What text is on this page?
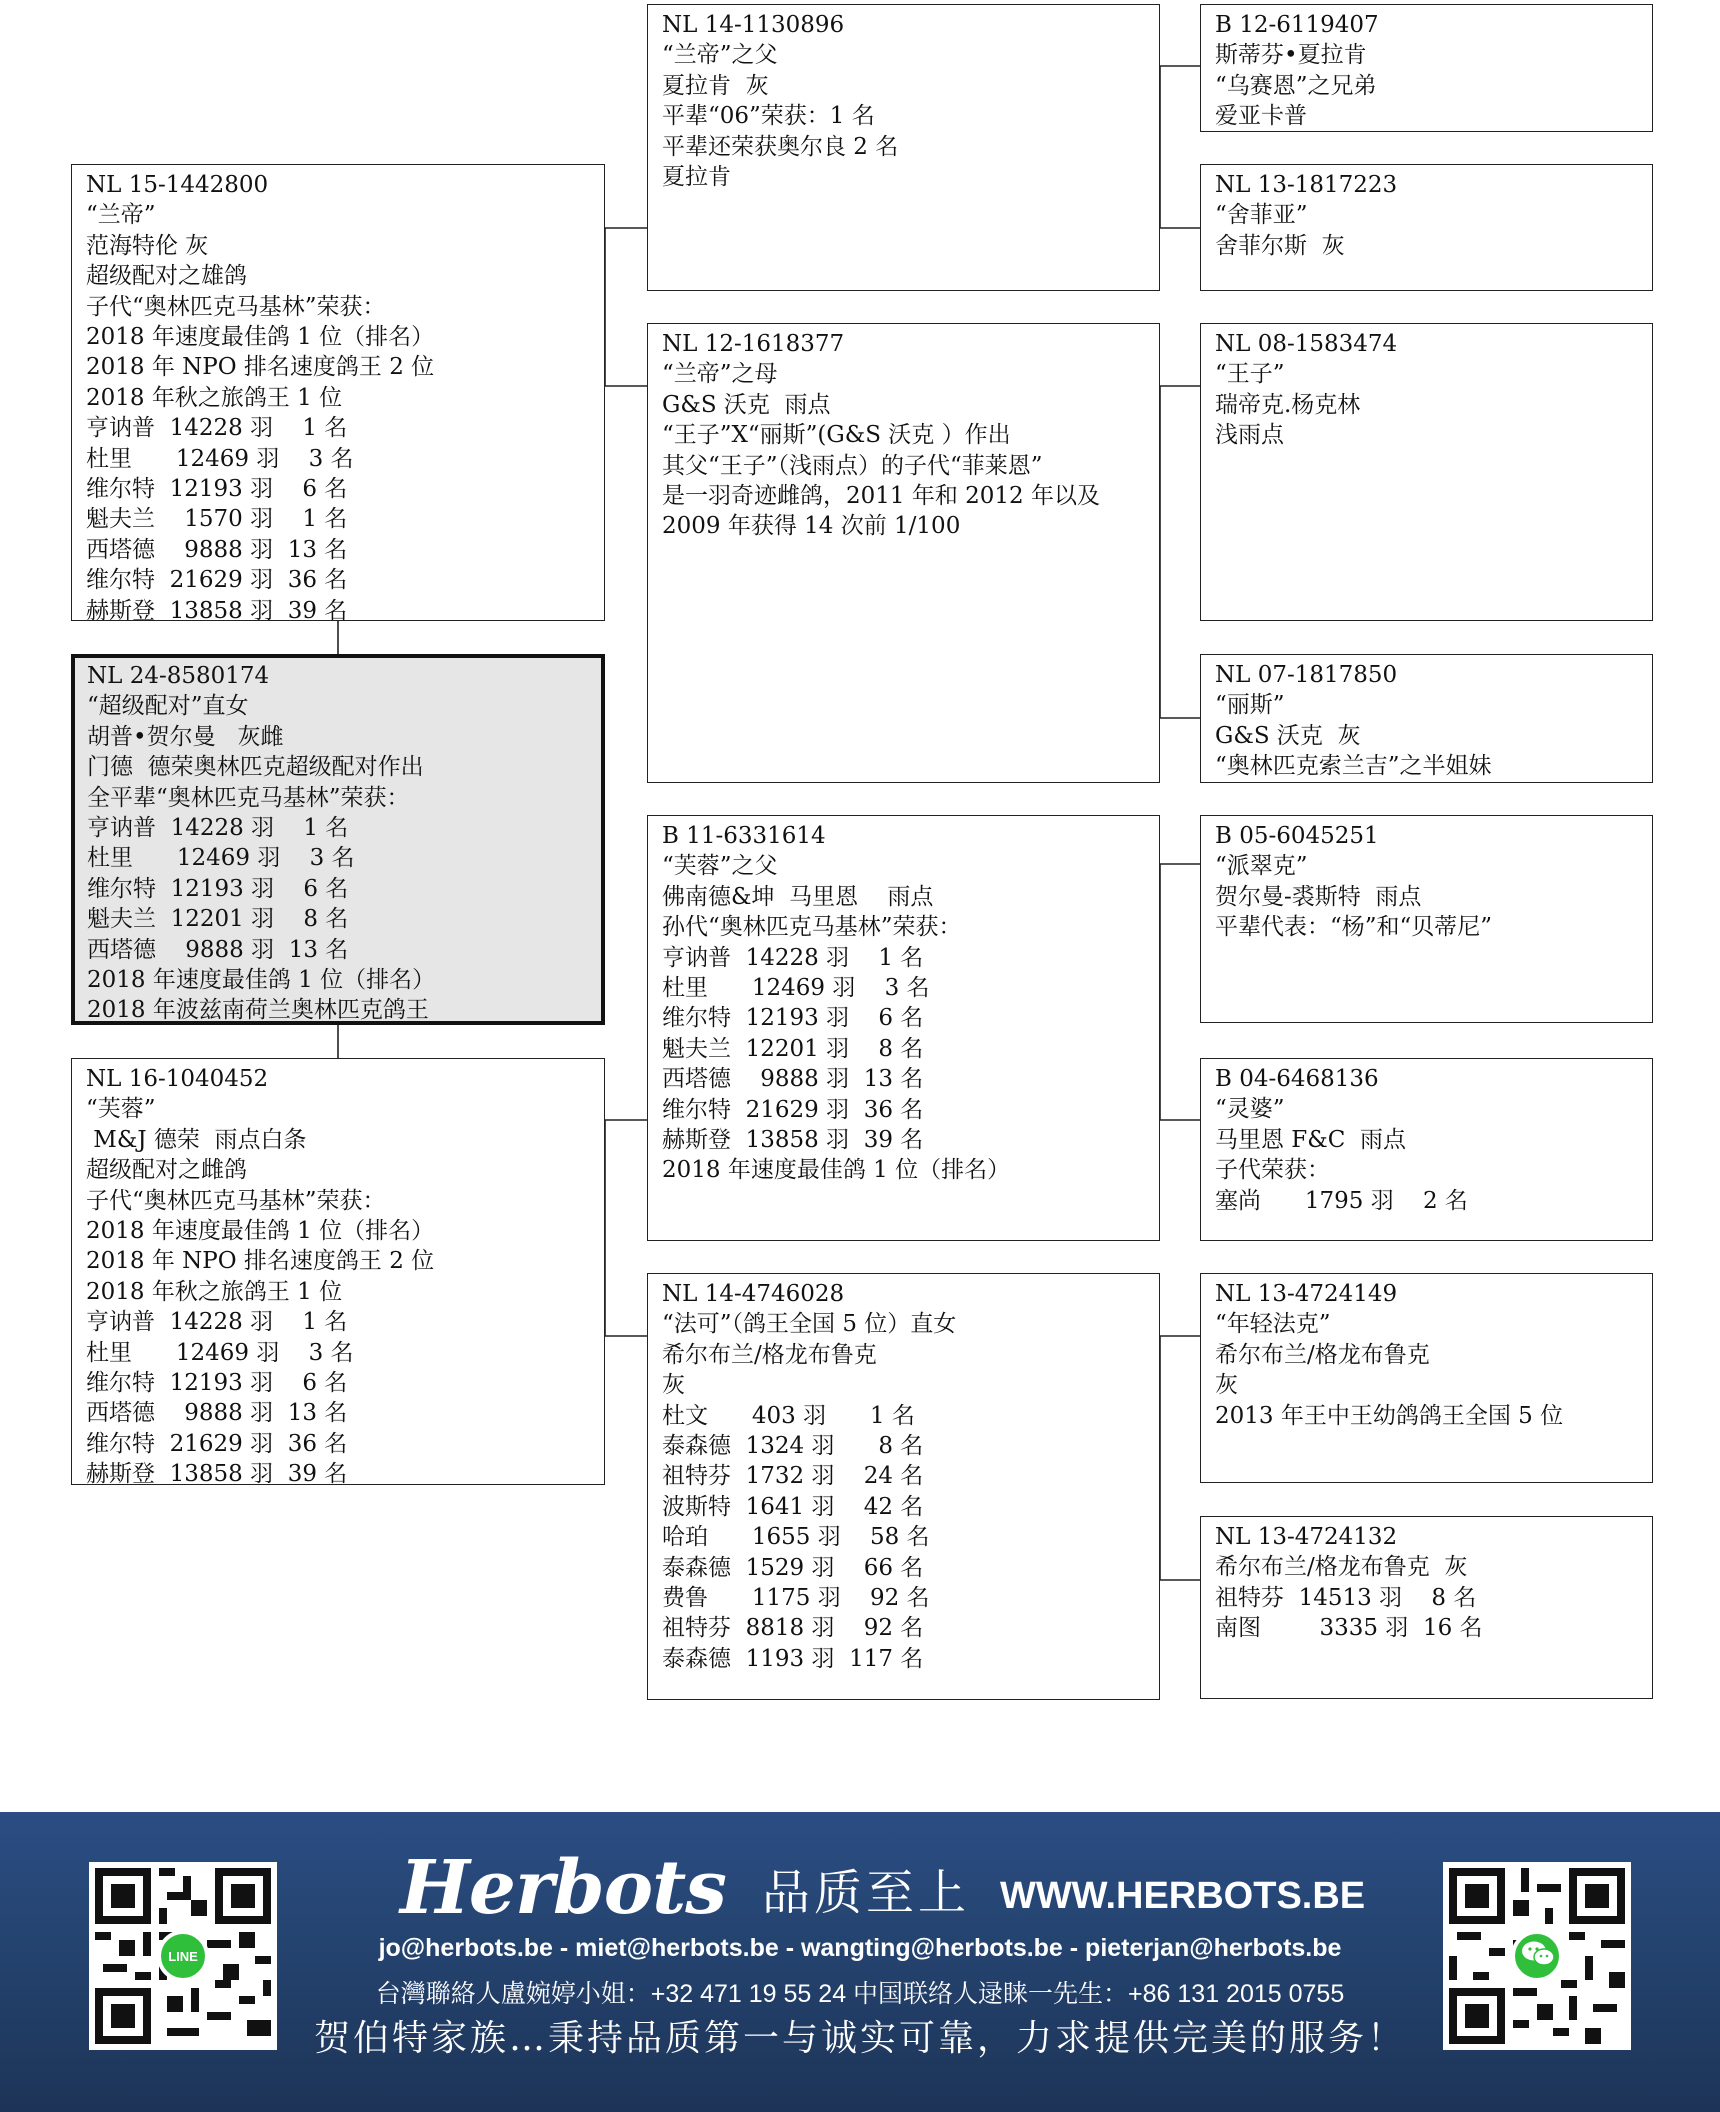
NL 14-1130896
“兰帝”之父
夏拉肯  灰
平辈“06”荣获：1 名
平辈还荣获奥尔良 2 名
夏拉肯
NL 12-1618377
“兰帝”之母
G&S 沃克  雨点
“王子”X“丽斯”(G&S 沃克 ）作出
其父“王子”（浅雨点）的子代“菲莱恩”
是一羽奇迹雌鸽，2011 年和 2012 年以及
2009 年获得 14 次前 1/100
B 11-6331614
“芙蓉”之父
佛南德&坤  马里恩    雨点
孙代“奥林匹克马基林”荣获：
亨讷普  14228 羽    1 名
杜里      12469 羽    3 名
维尔特  12193 羽    6 名
魁夫兰  12201 羽    8 名
西塔德    9888 羽  13 名
维尔特  21629 羽  36 名
赫斯登  13858 羽  39 名
2018 年速度最佳鸽 1 位（排名）
NL 14-4746028
“法可”（鸽王全国 5 位）直女
希尔布兰/格龙布鲁克
灰
杜文      403 羽      1 名
泰森德  1324 羽      8 名
祖特芬  1732 羽    24 名
波斯特  1641 羽    42 名
哈珀      1655 羽    58 名
泰森德  1529 羽    66 名
费鲁      1175 羽    92 名
祖特芬  8818 羽    92 名
泰森德  1193 羽  117 名
B 12-6119407
斯蒂芬•夏拉肯
“乌赛恩”之兄弟
爱亚卡普
NL 13-1817223
“舍菲亚”
舍菲尔斯  灰
NL 08-1583474
“王子”
瑞帝克.杨克林
浅雨点
NL 07-1817850
“丽斯”
G&S 沃克  灰
“奥林匹克索兰吉”之半姐妹
B 05-6045251
“派翠克”
贺尔曼-裘斯特  雨点
平辈代表：“杨”和“贝蒂尼”
B 04-6468136
“灵婆”
马里恩 F&C  雨点
子代荣获：
塞尚      1795 羽    2 名
NL 13-4724149
“年轻法克”
希尔布兰/格龙布鲁克
灰
2013 年王中王幼鸽鸽王全国 5 位
NL 13-4724132
希尔布兰/格龙布鲁克  灰
祖特芬  14513 羽    8 名
南图        3335 羽  16 名
NL 15-1442800
“兰帝”
范海特伦 灰
超级配对之雄鸽
子代“奥林匹克马基林”荣获：
2018 年速度最佳鸽 1 位（排名）
2018 年 NPO 排名速度鸽王 2 位
2018 年秋之旅鸽王 1 位
亨讷普  14228 羽    1 名
杜里      12469 羽    3 名
维尔特  12193 羽    6 名
魁夫兰    1570 羽    1 名
西塔德    9888 羽  13 名
维尔特  21629 羽  36 名
赫斯登  13858 羽  39 名
NL 24-8580174
“超级配对”直女
胡普•贺尔曼   灰雌
门德  德荣奥林匹克超级配对作出
全平辈“奥林匹克马基林”荣获：
亨讷普  14228 羽    1 名
杜里      12469 羽    3 名
维尔特  12193 羽    6 名
魁夫兰  12201 羽    8 名
西塔德    9888 羽  13 名
2018 年速度最佳鸽 1 位（排名）
2018 年波兹南荷兰奥林匹克鸽王
NL 16-1040452
“芙蓉”
M&J 德荣  雨点白条
超级配对之雌鸽
子代“奥林匹克马基林”荣获：
2018 年速度最佳鸽 1 位（排名）
2018 年 NPO 排名速度鸽王 2 位
2018 年秋之旅鸽王 1 位
亨讷普  14228 羽    1 名
杜里      12469 羽    3 名
维尔特  12193 羽    6 名
西塔德    9888 羽  13 名
维尔特  21629 羽  36 名
赫斯登  13858 羽  39 名
LINE
Herbots 品质至上 WWW.HERBOTS.BE
jo@herbots.be - miet@herbots.be - wangting@herbots.be - pieterjan@herbots.be
台灣聯絡人盧婉婷小姐：+32 471 19 55 24 中国联络人逯睐一先生：+86 131 2015 0755
贺伯特家族…秉持品质第一与诚实可靠，力求提供完美的服务！
